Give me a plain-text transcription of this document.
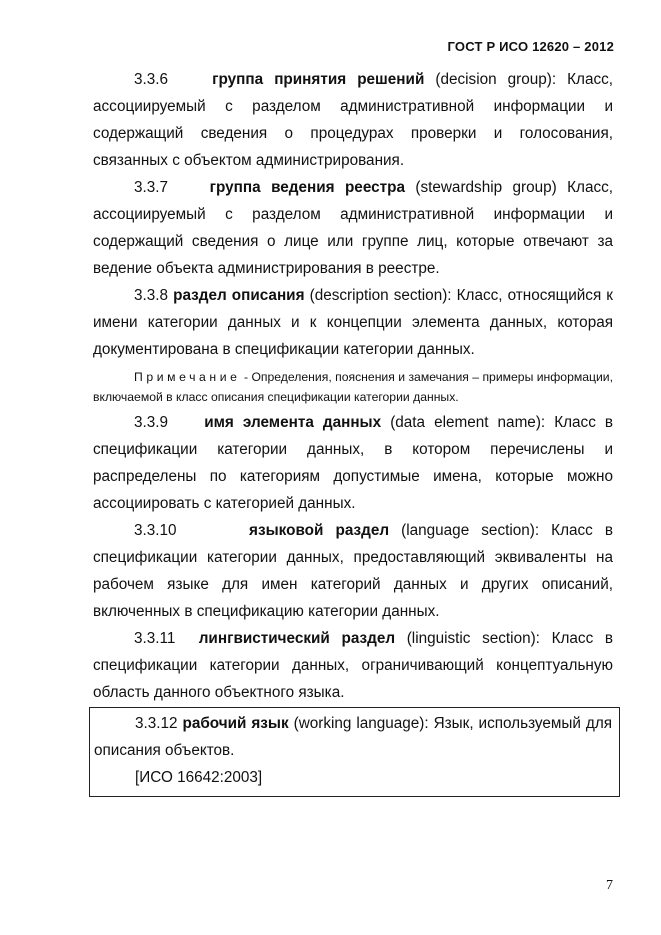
ГОСТ Р ИСО 12620 – 2012

3.3.6	группа принятия решений (decision group): Класс, ассоциируемый с разделом административной информации и содержащий сведения о процедурах проверки и голосования, связанных с объектом администрирования.

3.3.7	группа ведения реестра (stewardship group) Класс, ассоциируемый с разделом административной информации и содержащий сведения о лице или группе лиц, которые отвечают за ведение объекта администрирования в реестре.

3.3.8 раздел описания (description section): Класс, относящийся к имени категории данных и к концепции элемента данных, которая документирована в спецификации категории данных.

Примечание - Определения, пояснения и замечания – примеры информации, включаемой в класс описания спецификации категории данных.

3.3.9 имя элемента данных (data element name): Класс в спецификации категории данных, в котором перечислены и распределены по категориям допустимые имена, которые можно ассоциировать с категорией данных.

3.3.10	языковой раздел (language section): Класс в спецификации категории данных, предоставляющий эквиваленты на рабочем языке для имен категорий данных и других описаний, включенных в спецификацию категории данных.

3.3.11 лингвистический раздел (linguistic section): Класс в спецификации категории данных, ограничивающий концептуальную область данного объектного языка.

3.3.12 рабочий язык (working language): Язык, используемый для описания объектов.

[ИСО 16642:2003]

7
